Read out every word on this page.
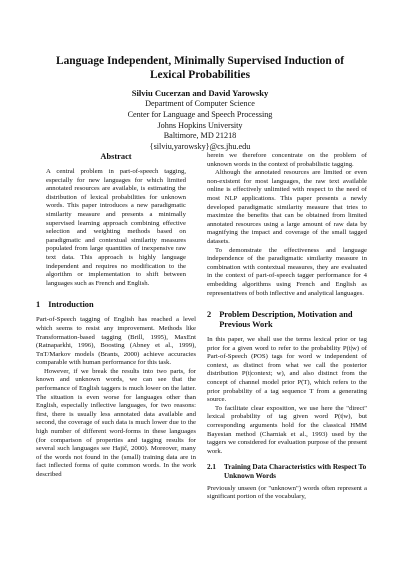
Language Independent, Minimally Supervised Induction of Lexical Probabilities
Silviu Cucerzan and David Yarowsky
Department of Computer Science
Center for Language and Speech Processing
Johns Hopkins University
Baltimore, MD 21218
{silviu,yarowsky}@cs.jhu.edu
Abstract

A central problem in part-of-speech tagging, especially for new languages for which limited annotated resources are available, is estimating the distribution of lexical probabilities for unknown words. This paper introduces a new paradigmatic similarity measure and presents a minimally supervised learning approach combining effective selection and weighting methods based on paradigmatic and contextual similarity measures populated from large quantities of inexpensive raw text data. This approach is highly language independent and requires no modification to the algorithm or implementation to shift between languages such as French and English.

1 Introduction

Part-of-Speech tagging of English has reached a level which seems to resist any improvement. Methods like Transformation-based tagging (Brill, 1995), MaxEnt (Ratnaparkhi, 1996), Boosting (Abney et al., 1999), TnT/Markov models (Brants, 2000) achieve accuracies comparable with human performance for this task.

However, if we break the results into two parts, for known and unknown words, we can see that the performance of English taggers is much lower on the latter. The situation is even worse for languages other than English, especially inflective languages, for two reasons: first, there is usually less annotated data available and second, the coverage of such data is much lower due to the high number of different word-forms in these languages (for comparison of properties and tagging results for several such languages see Hajič, 2000). Moreover, many of the words not found in the (small) training data are in fact inflected forms of quite common words. In the work described

herein we therefore concentrate on the problem of unknown words in the context of probabilistic tagging.

Although the annotated resources are limited or even non-existent for most languages, the raw text available online is effectively unlimited with respect to the need of most NLP applications. This paper presents a newly developed paradigmatic similarity measure that tries to maximize the benefits that can be obtained from limited annotated resources using a large amount of raw data by magnifying the impact and coverage of the small tagged datasets.

To demonstrate the effectiveness and language independence of the paradigmatic similarity measure in combination with contextual measures, they are evaluated in the context of part-of-speech tagger performance for 4 embedding algorithms using French and English as representatives of both inflective and analytical languages.

2 Problem Description, Motivation and Previous Work

In this paper, we shall use the terms lexical prior or tag prior for a given word to refer to the probability P(t|w) of Part-of-Speech (POS) tags for word w independent of context, as distinct from what we call the posterior distribution P(t|context; w), and also distinct from the concept of channel model prior P(T), which refers to the prior probability of a tag sequence T from a generating source.

To facilitate clear exposition, we use here the "direct" lexical probability of tag given word P(t|w), but corresponding arguments hold for the classical HMM Bayesian method (Charniak et al., 1993) used by the taggers we considered for evaluation purpose of the present work.

2.1 Training Data Characteristics with Respect To Unknown Words

Previously unseen (or "unknown") words often represent a significant portion of the vocabulary,
